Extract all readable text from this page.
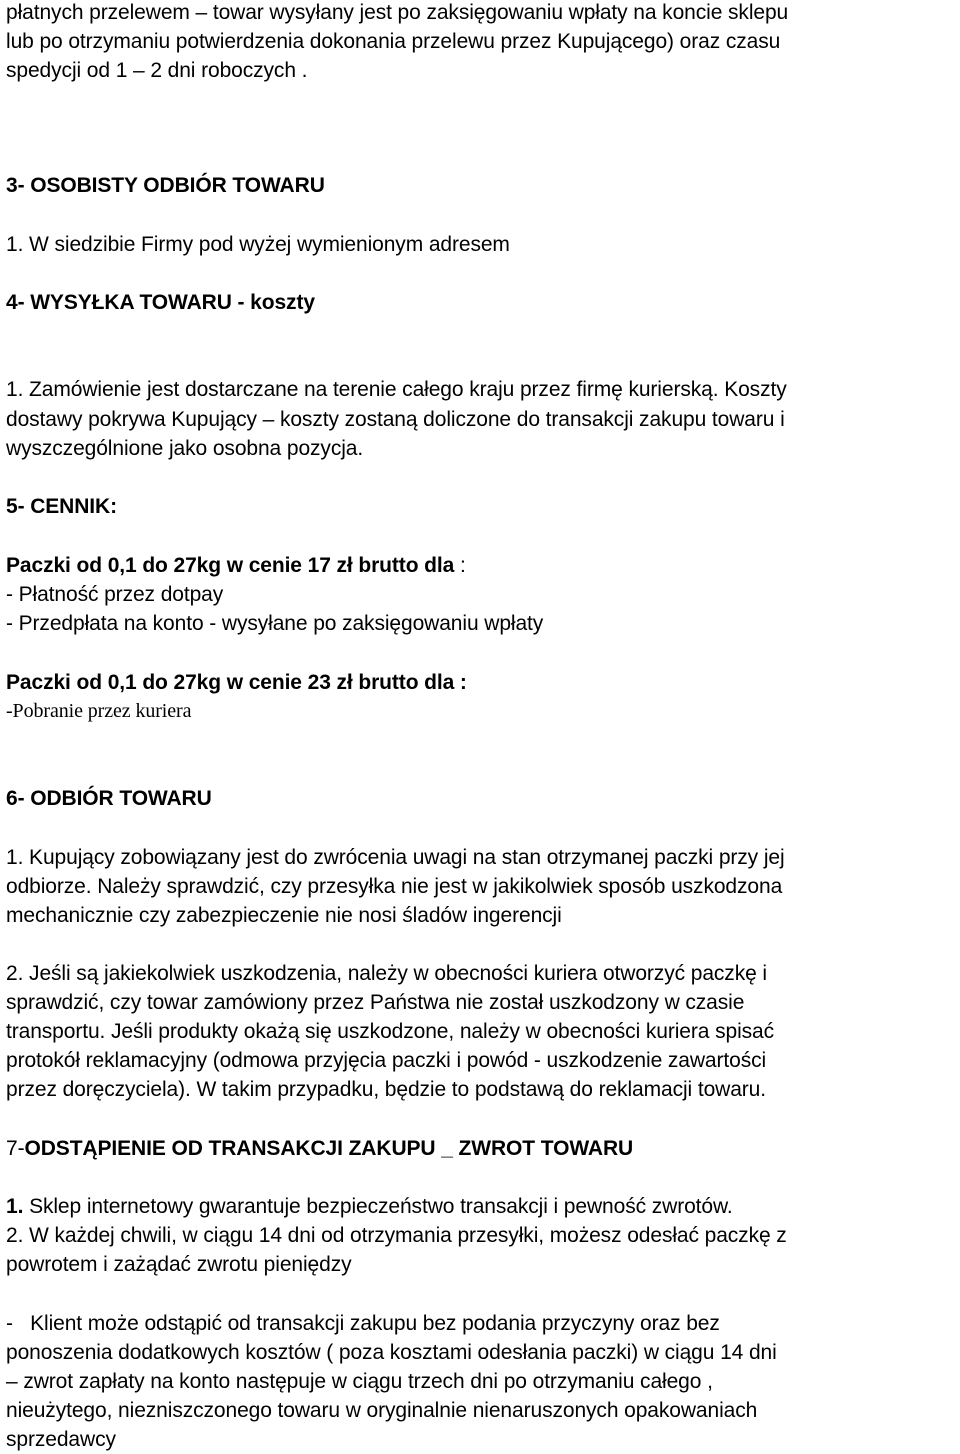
płatnych przelewem – towar wysyłany jest po zaksięgowaniu wpłaty na koncie sklepu
lub po otrzymaniu potwierdzenia dokonania przelewu przez Kupującego) oraz czasu
spedycji od 1 – 2 dni roboczych .
3- OSOBISTY ODBIÓR TOWARU
1. W siedzibie Firmy pod wyżej wymienionym adresem
4- WYSYŁKA TOWARU - koszty
1. Zamówienie jest dostarczane na terenie całego kraju przez firmę kurierską. Koszty
dostawy pokrywa Kupujący – koszty zostaną doliczone do transakcji zakupu towaru i
wyszczególnione jako osobna pozycja.
5- CENNIK:
Paczki od 0,1 do 27kg w cenie 17 zł brutto dla :
- Płatność przez dotpay
- Przedpłata na konto - wysyłane po zaksięgowaniu wpłaty
Paczki od 0,1 do 27kg w cenie 23 zł brutto dla :
-Pobranie przez kuriera
6- ODBIÓR TOWARU
1. Kupujący zobowiązany jest do zwrócenia uwagi na stan otrzymanej paczki przy jej
odbiorze. Należy sprawdzić, czy przesyłka nie jest w jakikolwiek sposób uszkodzona
mechanicznie czy zabezpieczenie nie nosi śladów ingerencji
2. Jeśli są jakiekolwiek uszkodzenia, należy w obecności kuriera otworzyć paczkę i
sprawdzić, czy towar zamówiony przez Państwa nie został uszkodzony w czasie
transportu. Jeśli produkty okażą się uszkodzone, należy w obecności kuriera spisać
protokół reklamacyjny (odmowa przyjęcia paczki i powód - uszkodzenie zawartości
przez doręczyciela). W takim przypadku, będzie to podstawą do reklamacji towaru.
7-ODSTĄPIENIE OD TRANSAKCJI ZAKUPU _ ZWROT TOWARU
1. Sklep internetowy gwarantuje bezpieczeństwo transakcji i pewność zwrotów.
2. W każdej chwili, w ciągu 14 dni od otrzymania przesyłki, możesz odesłać paczkę z
powrotem i zażądać zwrotu pieniędzy
-   Klient może odstąpić od transakcji zakupu bez podania przyczyny oraz bez
ponoszenia dodatkowych kosztów ( poza kosztami odesłania paczki) w ciągu 14 dni
– zwrot zapłaty na konto następuje w ciągu trzech dni po otrzymaniu całego ,
nieużytego, niezniszczonego towaru w oryginalnie nienaruszonych opakowaniach
sprzedawcy
